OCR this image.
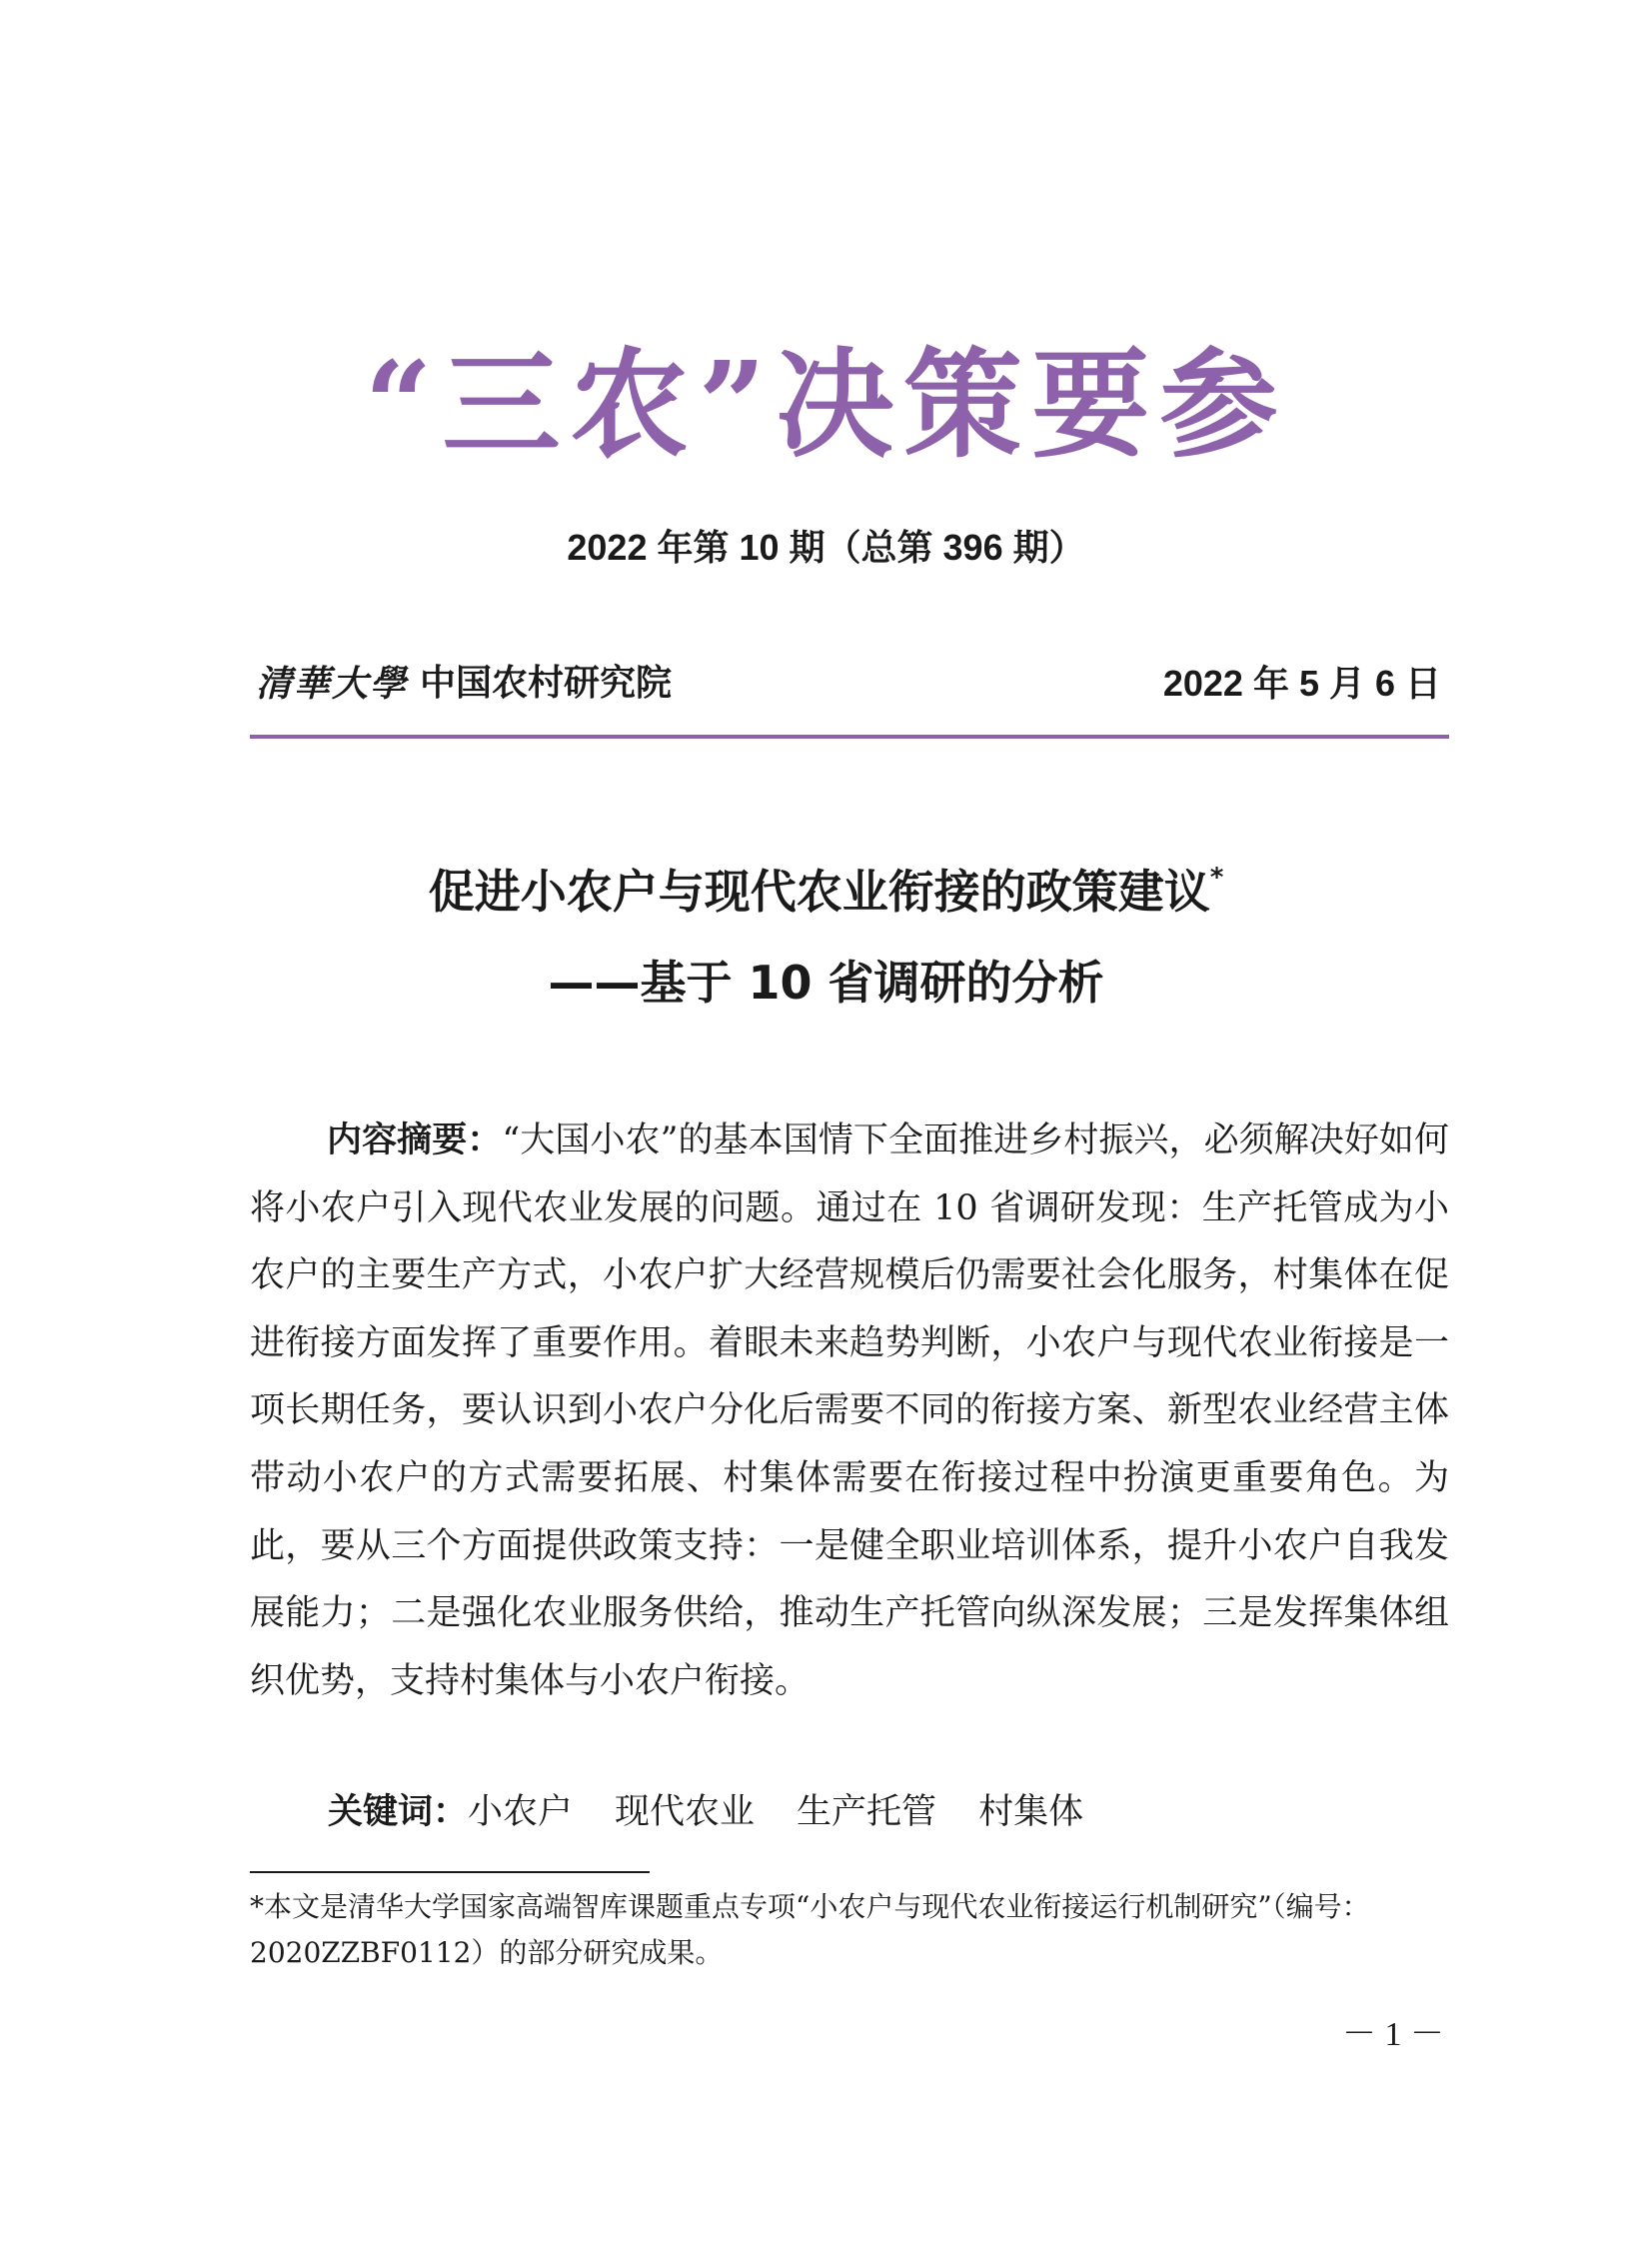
“三农”决策要参
2022 年第 10 期（总第 396 期）
清華大學 中国农村研究院	2022 年 5 月 6 日
促进小农户与现代农业衔接的政策建议*
——基于 10 省调研的分析
内容摘要：“大国小农”的基本国情下全面推进乡村振兴，必须解决好如何将小农户引入现代农业发展的问题。通过在 10 省调研发现：生产托管成为小农户的主要生产方式，小农户扩大经营规模后仍需要社会化服务，村集体在促进衔接方面发挥了重要作用。着眼未来趋势判断，小农户与现代农业衔接是一项长期任务，要认识到小农户分化后需要不同的衔接方案、新型农业经营主体带动小农户的方式需要拓展、村集体需要在衔接过程中扮演更重要角色。为此，要从三个方面提供政策支持：一是健全职业培训体系，提升小农户自我发展能力；二是强化农业服务供给，推动生产托管向纵深发展；三是发挥集体组织优势，支持村集体与小农户衔接。
关键词：小农户 现代农业 生产托管 村集体
*本文是清华大学国家高端智库课题重点专项“小农户与现代农业衔接运行机制研究”（编号：2020ZZBF0112）的部分研究成果。
－ 1 －
